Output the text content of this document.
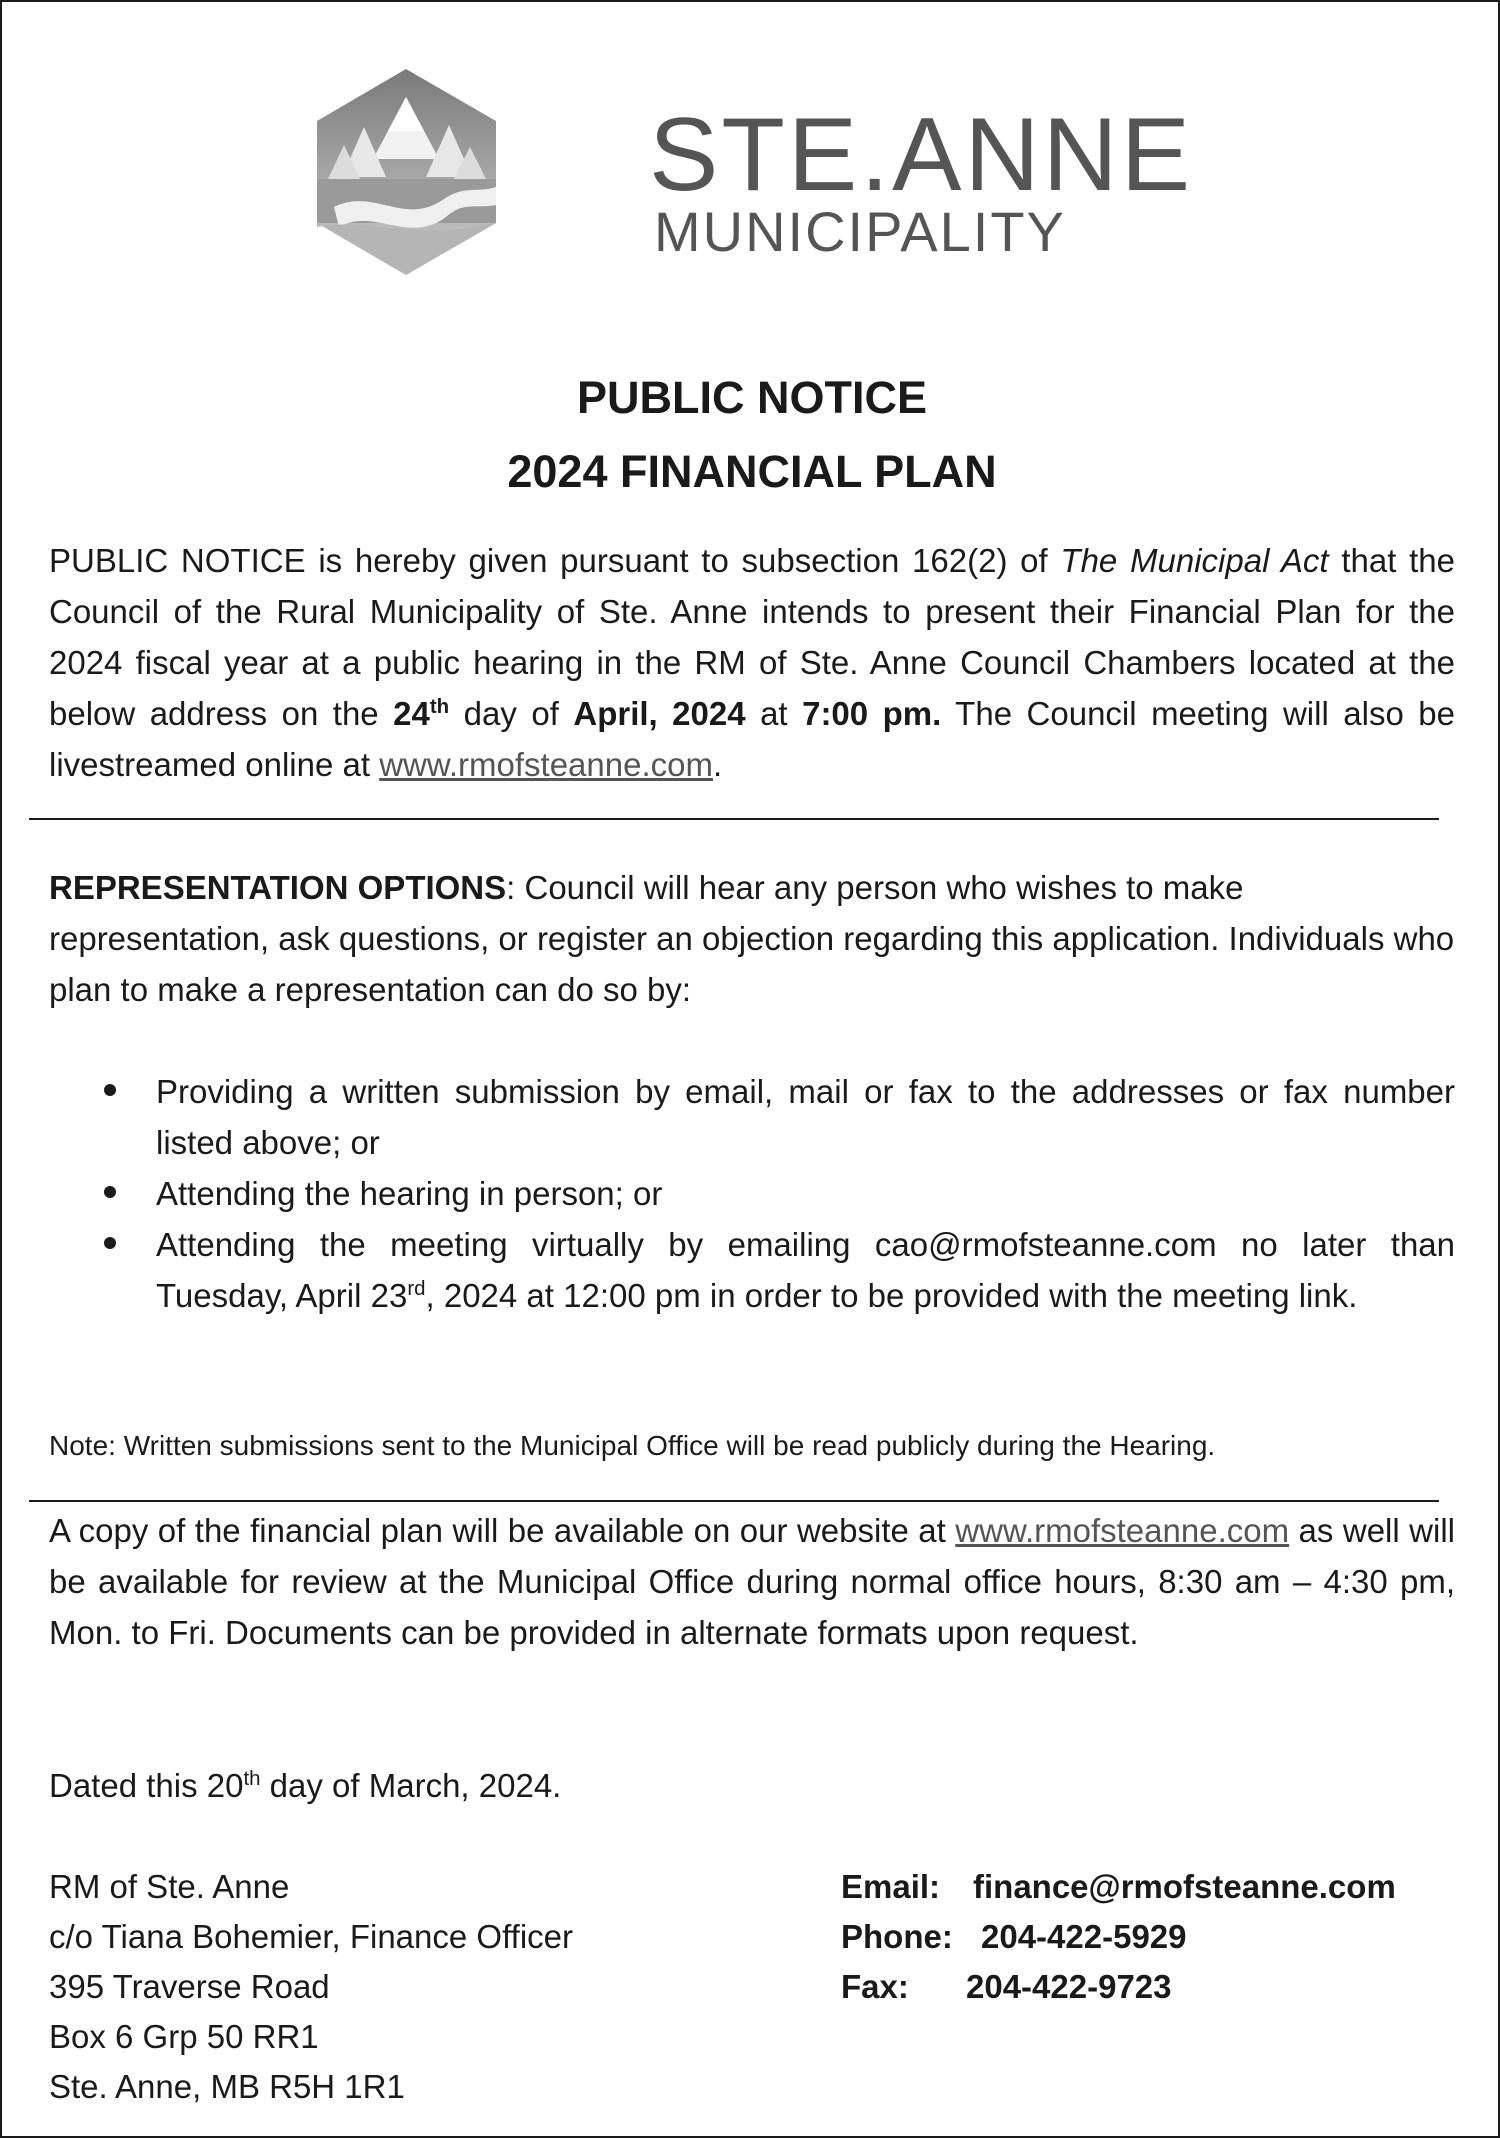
STE.ANNE
MUNICIPALITY
PUBLIC NOTICE
2024 FINANCIAL PLAN
PUBLIC NOTICE is hereby given pursuant to subsection 162(2) of The Municipal Act that the Council of the Rural Municipality of Ste. Anne intends to present their Financial Plan for the 2024 fiscal year at a public hearing in the RM of Ste. Anne Council Chambers located at the below address on the 24th day of April, 2024 at 7:00 pm. The Council meeting will also be livestreamed online at www.rmofsteanne.com.
REPRESENTATION OPTIONS: Council will hear any person who wishes to make representation, ask questions, or register an objection regarding this application. Individuals who plan to make a representation can do so by:
Providing a written submission by email, mail or fax to the addresses or fax number listed above; or
Attending the hearing in person; or
Attending the meeting virtually by emailing cao@rmofsteanne.com no later than Tuesday, April 23rd, 2024 at 12:00 pm in order to be provided with the meeting link.
Note: Written submissions sent to the Municipal Office will be read publicly during the Hearing.
A copy of the financial plan will be available on our website at www.rmofsteanne.com as well will be available for review at the Municipal Office during normal office hours, 8:30 am – 4:30 pm, Mon. to Fri. Documents can be provided in alternate formats upon request.
Dated this 20th day of March, 2024.
RM of Ste. Anne
c/o Tiana Bohemier, Finance Officer
395 Traverse Road
Box 6 Grp 50 RR1
Ste. Anne, MB R5H 1R1
Email: finance@rmofsteanne.com
Phone: 204-422-5929
Fax: 204-422-9723
